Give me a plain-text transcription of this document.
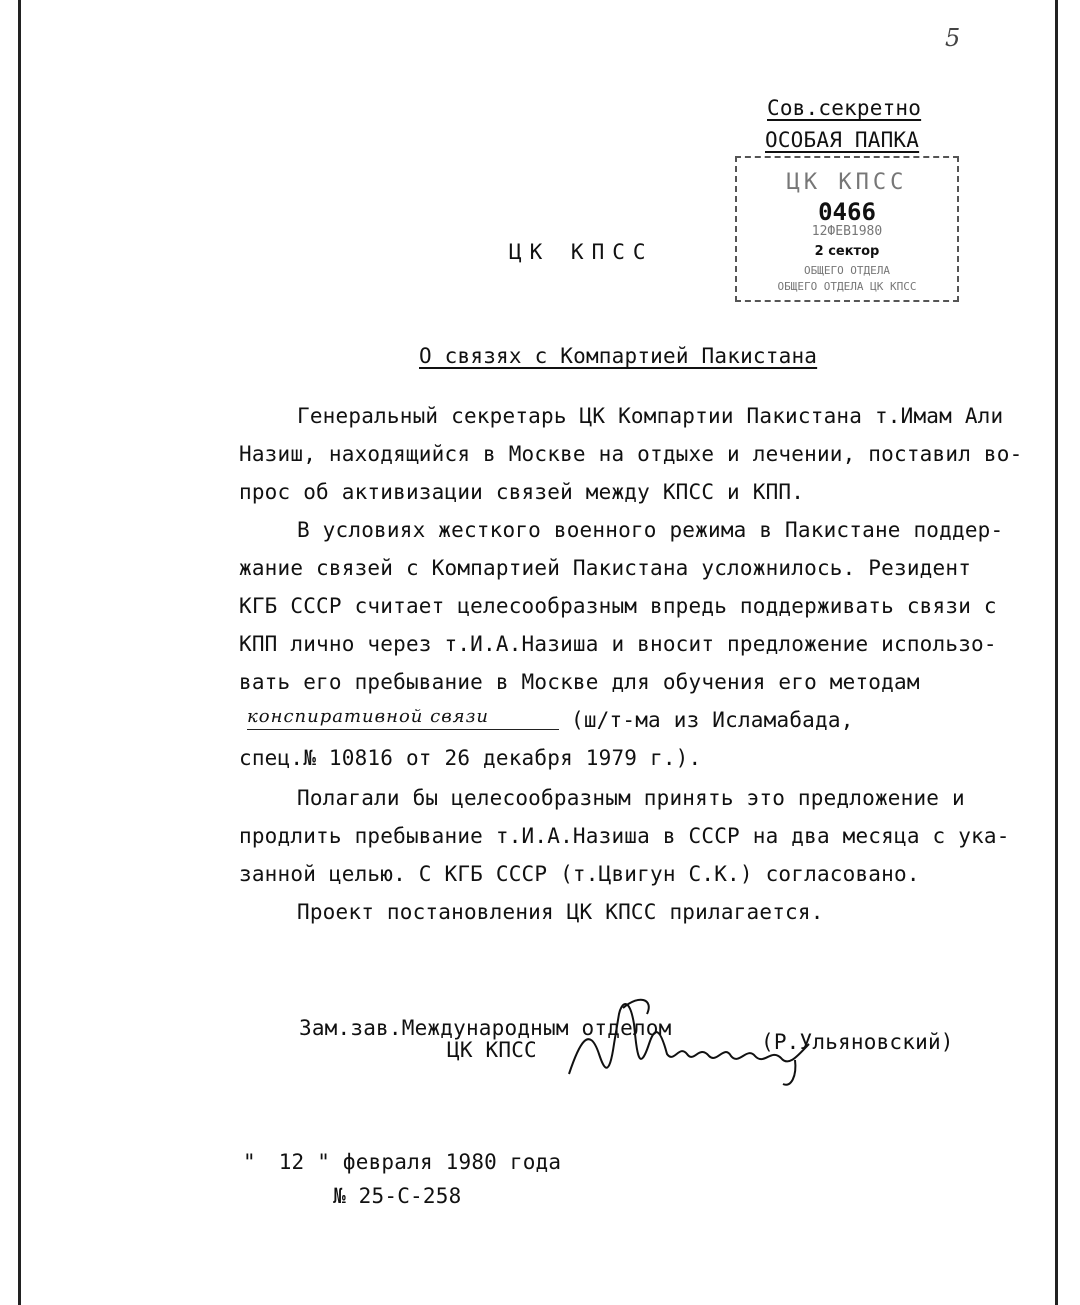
5
Сов.секретно
ОСОБАЯ ПАПКА
ЦК КПСС
0466
12ФЕВ1980
2 сектор
ОБЩЕГО ОТДЕЛА
ОБЩЕГО ОТДЕЛА ЦК КПСС
ЦК КПСС
О связях с Компартией Пакистана
Генеральный секретарь ЦК Компартии Пакистана т.Имам Али
Назиш, находящийся в Москве на отдыхе и лечении, поставил во-
прос об активизации связей между КПСС и КПП.
В условиях жесткого военного режима в Пакистане поддер-
жание связей с Компартией Пакистана усложнилось. Резидент
КГБ СССР считает целесообразным впредь поддерживать связи с
КПП лично через т.И.А.Назиша и вносит предложение использо-
вать его пребывание в Москве для обучения его методам
конспиративной связи	(ш/т-ма из Исламабада,
спец.№ 10816 от 26 декабря 1979 г.).
Полагали бы целесообразным принять это предложение и
продлить пребывание т.И.А.Назиша в СССР на два месяца с ука-
занной целью. С КГБ СССР (т.Цвигун С.К.) согласовано.
Проект постановления ЦК КПСС прилагается.
Зам.зав.Международным отделом
ЦК КПСС	(Р.Ульяновский)
" 12 " февраля 1980 года
№ 25-С-258
